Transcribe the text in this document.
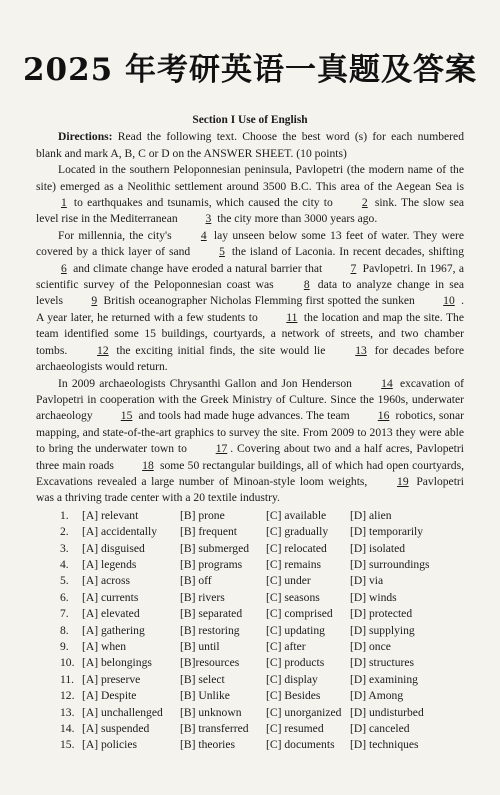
2025 年考研英语一真题及答案
Section I Use of English

Directions: Read the following text. Choose the best word (s) for each numbered blank and mark A, B, C or D on the ANSWER SHEET. (10 points)

Located in the southern Peloponnesian peninsula, Pavlopetri (the modern name of the site) emerged as a Neolithic settlement around 3500 B.C. This area of the Aegean Sea is 1 to earthquakes and tsunamis, which caused the city to 2 sink. The slow sea level rise in the Mediterranean 3 the city more than 3000 years ago.

For millennia, the city's 4 lay unseen below some 13 feet of water. They were covered by a thick layer of sand 5 the island of Laconia. In recent decades, shifting 6 and climate change have eroded a natural barrier that 7 Pavlopetri. In 1967, a scientific survey of the Peloponnesian coast was 8 data to analyze change in sea levels 9 British oceanographer Nicholas Flemming first spotted the sunken 10 . A year later, he returned with a few students to 11 the location and map the site. The team identified some 15 buildings, courtyards, a network of streets, and two chamber tombs. 12 the exciting initial finds, the site would lie 13 for decades before archaeologists would return.

In 2009 archaeologists Chrysanthi Gallon and Jon Henderson 14 excavation of Pavlopetri in cooperation with the Greek Ministry of Culture. Since the 1960s, underwater archaeology 15 and tools had made huge advances. The team 16 robotics, sonar mapping, and state-of-the-art graphics to survey the site. From 2009 to 2013 they were able to bring the underwater town to 17 . Covering about two and a half acres, Pavlopetri three main roads 18 some 50 rectangular buildings, all of which had open courtyards, Excavations revealed a large number of Minoan-style loom weights, 19 Pavlopetri was a thriving trade center with a 20 textile industry.

1.	[A] relevant	[B] prone	[C] available	[D] alien
2.	[A] accidentally	[B] frequent	[C] gradually	[D] temporarily
3.	[A] disguised	[B] submerged	[C] relocated	[D] isolated
4.	[A] legends	[B] programs	[C] remains	[D] surroundings
5.	[A] across	[B] off	[C] under	[D] via
6.	[A] currents	[B] rivers	[C] seasons	[D] winds
7.	[A] elevated	[B] separated	[C] comprised	[D] protected
8.	[A] gathering	[B] restoring	[C] updating	[D] supplying
9.	[A] when	[B] until	[C] after	[D] once
10. [A] belongings	[B]resources	[C] products	[D] structures
11. [A] preserve	[B] select	[C] display	[D] examining
12. [A] Despite	[B] Unlike	[C] Besides	[D] Among
13. [A] unchallenged	[B] unknown	[C] unorganized [D] undisturbed
14. [A] suspended	[B] transferred	[C] resumed	[D] canceled
15. [A] policies	[B] theories	[C] documents	[D] techniques
